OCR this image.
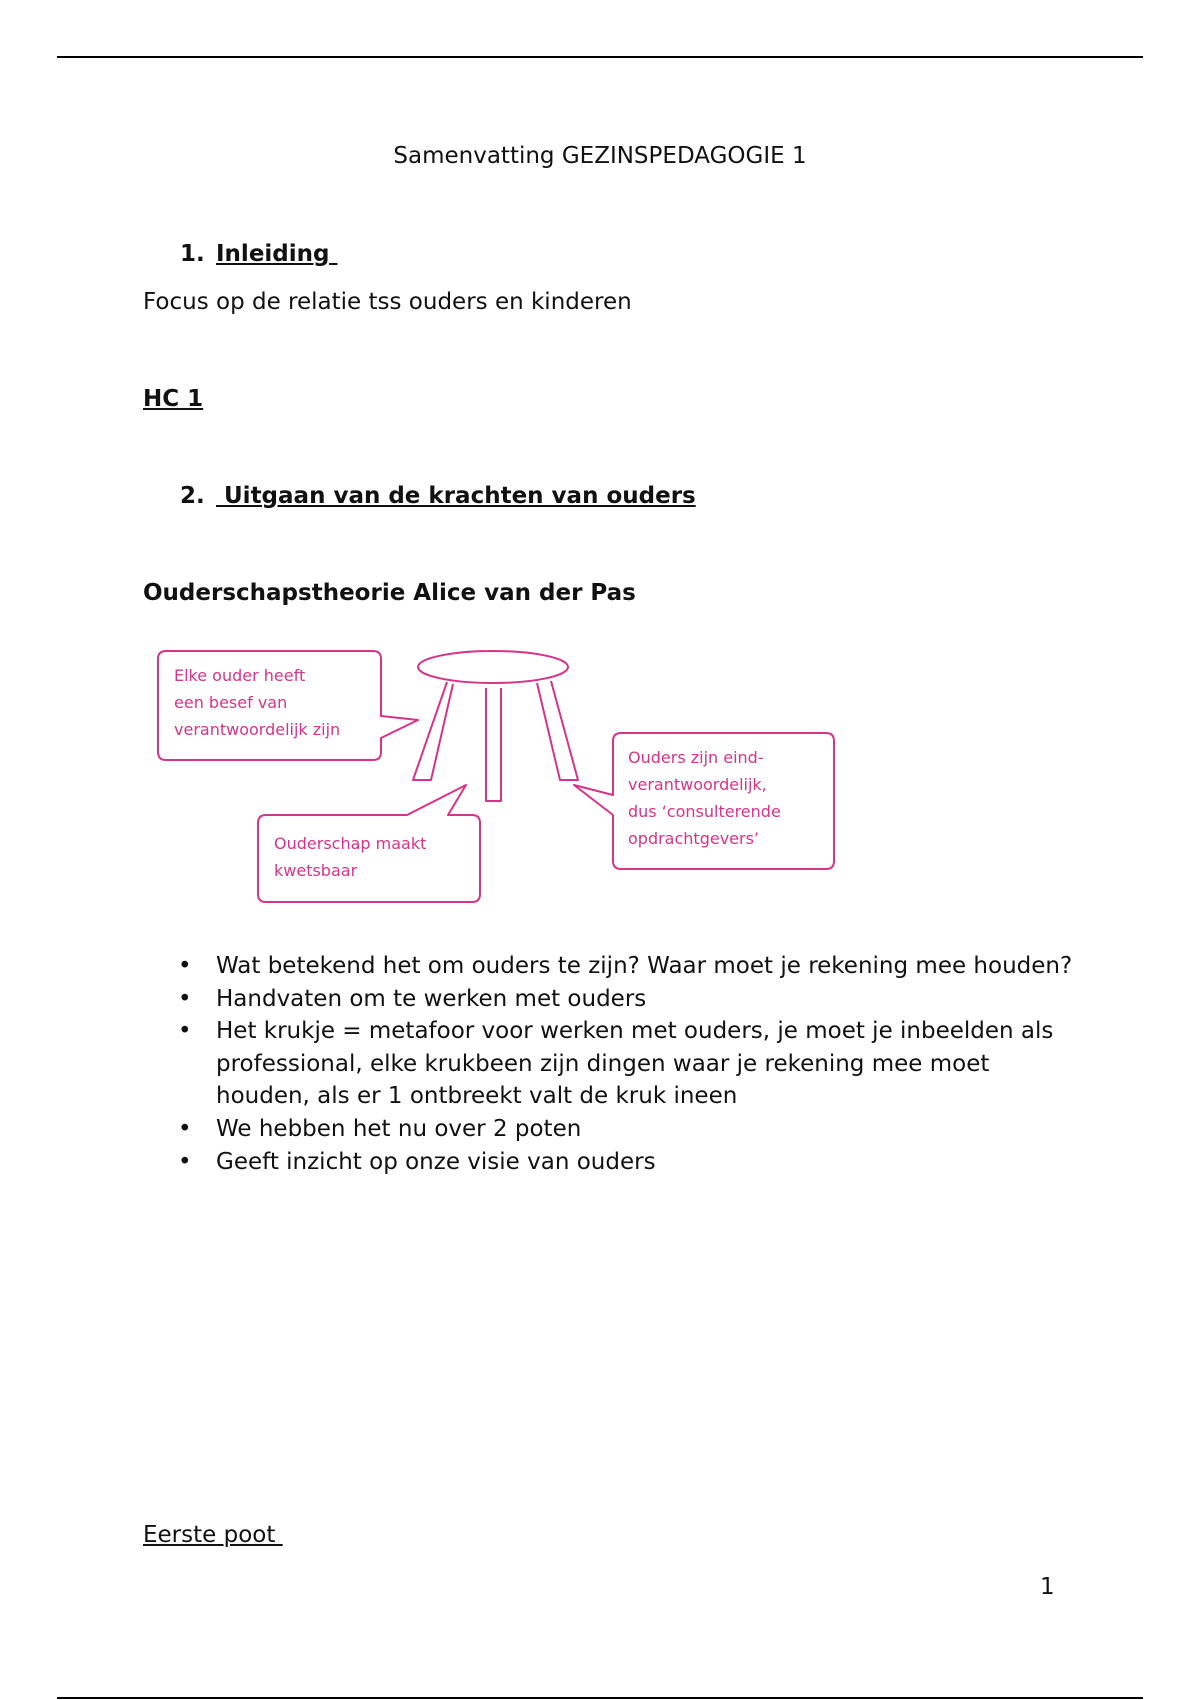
Samenvatting GEZINSPEDAGOGIE 1
1. Inleiding
Focus op de relatie tss ouders en kinderen
HC 1
2. Uitgaan van de krachten van ouders
Ouderschapstheorie Alice van der Pas
Elke ouder heeft
een besef van
verantwoordelijk zijn
Ouderschap maakt
kwetsbaar
Ouders zijn eind-
verantwoordelijk,
dus ‘consulterende
opdrachtgevers’
• Wat betekend het om ouders te zijn? Waar moet je rekening mee houden?
• Handvaten om te werken met ouders
• Het krukje = metafoor voor werken met ouders, je moet je inbeelden als professional, elke krukbeen zijn dingen waar je rekening mee moet houden, als er 1 ontbreekt valt de kruk ineen
• We hebben het nu over 2 poten
• Geeft inzicht op onze visie van ouders
Eerste poot
1
